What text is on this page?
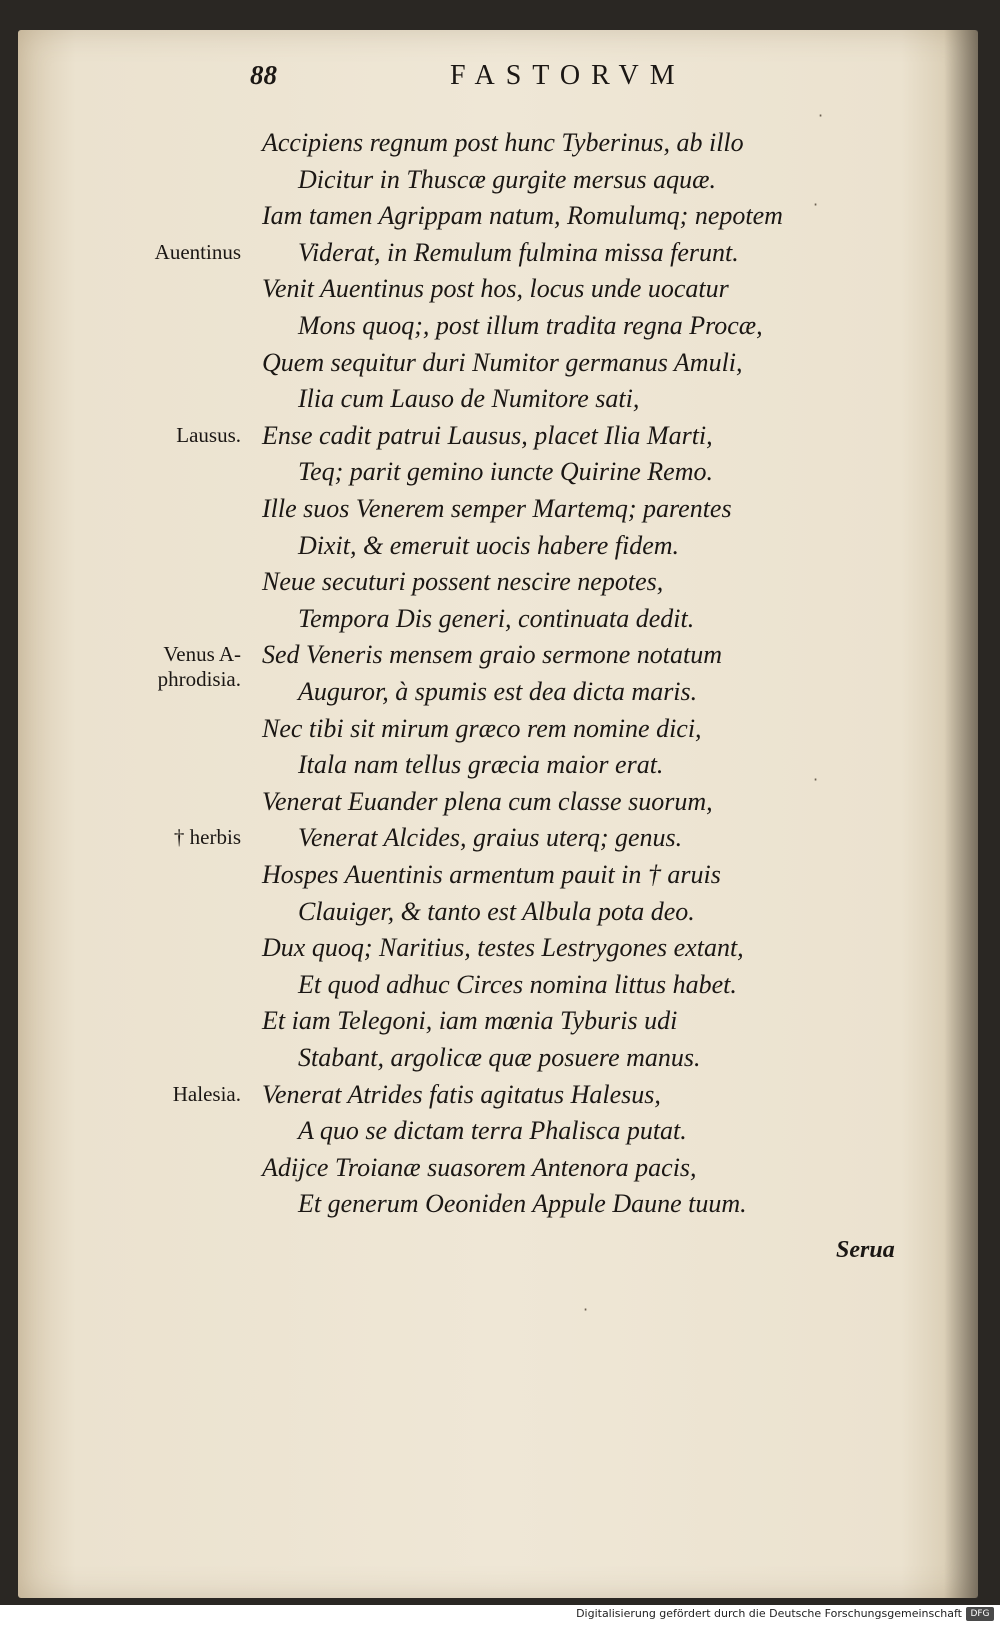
·
·
·
·
88	FASTORVM
Accipiens regnum post hunc Tyberinus, ab illo
Dicitur in Thuscæ gurgite mersus aquæ.
Iam tamen Agrippam natum, Romulumq; nepotem
Viderat, in Remulum fulmina missa ferunt.
Venit Auentinus post hos, locus unde uocatur
Mons quoq;, post illum tradita regna Procæ,
Quem sequitur duri Numitor germanus Amuli,
Ilia cum Lauso de Numitore sati,
Ense cadit patrui Lausus, placet Ilia Marti,
Teq; parit gemino iuncte Quirine Remo.
Ille suos Venerem semper Martemq; parentes
Dixit, & emeruit uocis habere fidem.
Neue secuturi possent nescire nepotes,
Tempora Dis generi, continuata dedit.
Sed Veneris mensem graio sermone notatum
Auguror, à spumis est dea dicta maris.
Nec tibi sit mirum græco rem nomine dici,
Itala nam tellus græcia maior erat.
Venerat Euander plena cum classe suorum,
Venerat Alcides, graius uterq; genus.
Hospes Auentinis armentum pauit in † aruis
Clauiger, & tanto est Albula pota deo.
Dux quoq; Naritius, testes Lestrygones extant,
Et quod adhuc Circes nomina littus habet.
Et iam Telegoni, iam mœnia Tyburis udi
Stabant, argolicæ quæ posuere manus.
Venerat Atrides fatis agitatus Halesus,
A quo se dictam terra Phalisca putat.
Adijce Troianæ suasorem Antenora pacis,
Et generum Oeoniden Appule Daune tuum.
Auentinus
Lausus.
Venus A-
phrodisia.
† herbis
Halesia.
Serua
Digitalisierung gefördert durch die Deutsche Forschungsgemeinschaft DFG
